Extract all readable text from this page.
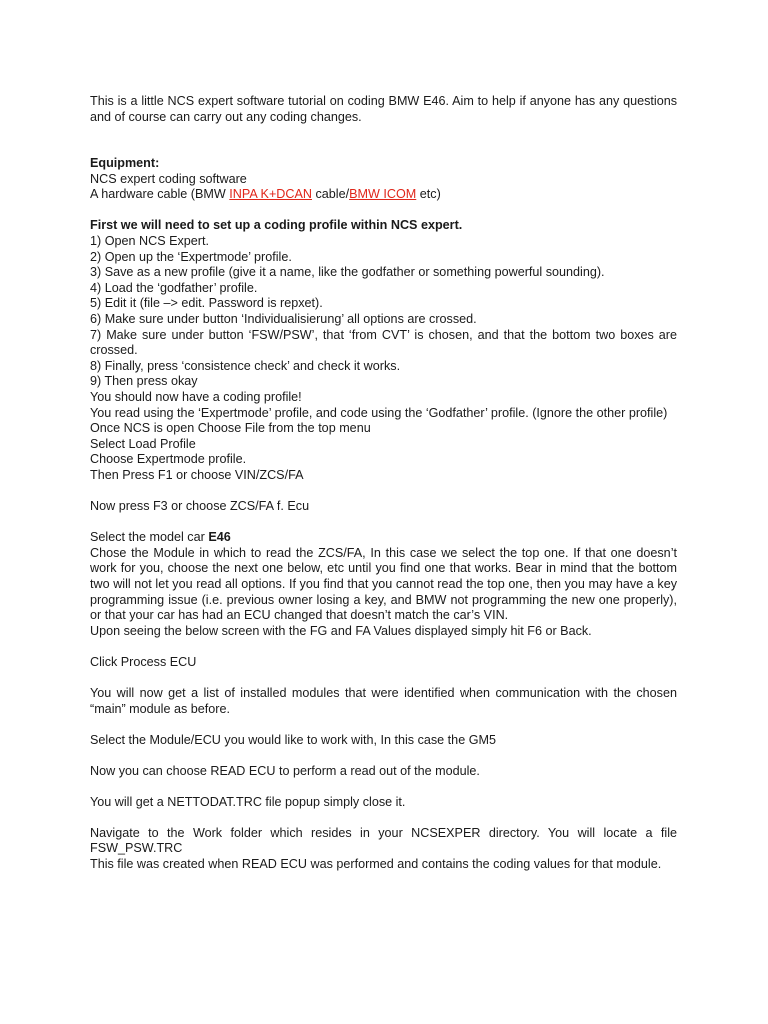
This is a little NCS expert software tutorial on coding BMW E46. Aim to help if anyone has any questions and of course can carry out any coding changes.

Equipment:
NCS expert coding software
A hardware cable (BMW INPA K+DCAN cable/BMW ICOM etc)
First we will need to set up a coding profile within NCS expert.

1) Open NCS Expert.

2) Open up the ‘Expertmode’ profile.

3) Save as a new profile (give it a name, like the godfather or something powerful sounding).

4) Load the ‘godfather’ profile.

5) Edit it (file –> edit. Password is repxet).

6) Make sure under button ‘Individualisierung’ all options are crossed.

7) Make sure under button ‘FSW/PSW’, that ‘from CVT’ is chosen, and that the bottom two boxes are crossed.

8) Finally, press ‘consistence check’ and check it works.

9) Then press okay

You should now have a coding profile!

You read using the ‘Expertmode’ profile, and code using the ‘Godfather’ profile. (Ignore the other profile)

Once NCS is open Choose File from the top menu

Select Load Profile

Choose Expertmode profile.

Then Press F1 or choose VIN/ZCS/FA

Now press F3 or choose ZCS/FA f. Ecu

Select the model car E46

Chose the Module in which to read the ZCS/FA, In this case we select the top one. If that one doesn’t work for you, choose the next one below, etc until you find one that works. Bear in mind that the bottom two will not let you read all options. If you find that you cannot read the top one, then you may have a key programming issue (i.e. previous owner losing a key, and BMW not programming the new one properly), or that your car has had an ECU changed that doesn’t match the car’s VIN.

Upon seeing the below screen with the FG and FA Values displayed simply hit F6 or Back.

Click Process ECU

You will now get a list of installed modules that were identified when communication with the chosen “main” module as before.

Select the Module/ECU you would like to work with, In this case the GM5

Now you can choose READ ECU to perform a read out of the module.

You will get a NETTODAT.TRC file popup simply close it.

Navigate to the Work folder which resides in your NCSEXPER directory. You will locate a file FSW_PSW.TRC

This file was created when READ ECU was performed and contains the coding values for that module.
